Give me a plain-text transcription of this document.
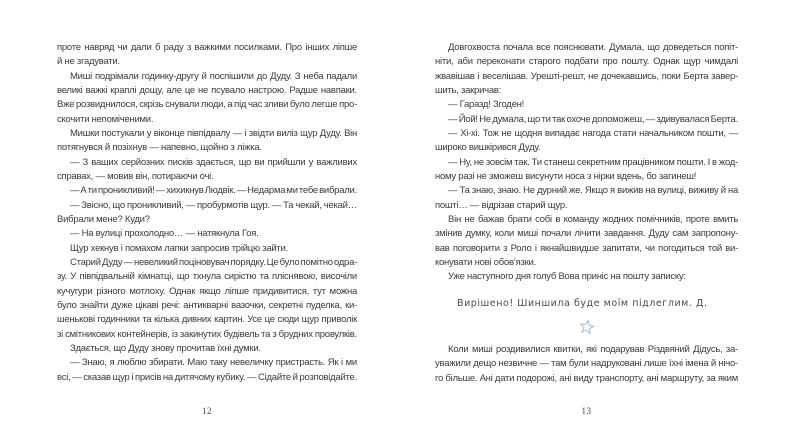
проте навряд чи дали б раду з важкими посилками. Про інших ліпше
й не згадувати.
Миші подрімали годинку-другу й поспішили до Дуду. З неба падали
великі важкі краплі дощу, але це не псувало настрою. Радше навпаки.
Вже розвиднилося, скрізь снували люди, а під час зливи було легше про-
скочити непоміченими.
Мишки постукали у віконце півпідвалу — і звідти виліз щур Дуду. Він
потягнувся й позіхнув — напевно, щойно з ліжка.
— З ваших серйозних писків здається, що ви прийшли у важливих
справах, — мовив він, потираючи очі.
— А ти проникливий! — хихикнув Людвік. — Недарма ми тебе вибрали.
— Звісно, що проникливий, — пробурмотів щур. — Та чекай, чекай…
Вибрали мене? Куди?
— На вулиці прохолодно… — натякнула Гоя.
Щур хекнув і помахом лапки запросив трійцю зайти.
Старий Дуду — невеликий поціновувач порядку. Це було помітно одра-
зу. У півпідвальній кімнатці, що тхнула сирістю та пліснявою, височіли
кучугури різного мотлоху. Однак якщо ліпше придивитися, тут можна
було знайти дуже цікаві речі: антикварні вазочки, секретні пуделка, ки-
шенькові годинники та кілька дивних картин. Усе це сюди щур приволік
зі смітникових контейнерів, із закинутих будівель та з брудних провулків.
Здається, що Дуду знову прочитав їхні думки.
— Знаю, я люблю збирати. Маю таку невеличку пристрасть. Як і ми
всі, — сказав щур і присів на дитячому кубику. — Сідайте й розповідайте.
Довгохвоста почала все пояснювати. Думала, що доведеться попіт-
ніти, аби переконати старого подбати про пошту. Однак щур чимдалі
жвавішав і веселішав. Урешті-решт, не дочекавшись, поки Берта завер-
шить, закричав:
— Гаразд! Згоден!
— Йой! Не думала, що ти так охоче допоможеш, — здивувалася Берта.
— Хі-хі. Тож не щодня випадає нагода стати начальником пошти, —
широко вишкірився Дуду.
— Ну, не зовсім так. Ти станеш секретним працівником пошти. І в жод-
ному разі не зможеш висунути носа з нірки вдень, бо загинеш!
— Та знаю, знаю. Не дурний же. Якщо я вижив на вулиці, виживу й на
пошті… — відрізав старий щур.
Він не бажав брати собі в команду жодних помічників, проте вмить
змінив думку, коли миші почали лічити завдання. Дуду сам запропону-
вав поговорити з Роло і якнайшвидше запитати, чи погодиться той ви-
конувати нові обов’язки.
Уже наступного дня голуб Вова приніс на пошту записку:
Вирішено! Шиншила буде моїм підлеглим. Д.
Коли миші роздивилися квитки, які подарував Різдвяний Дідусь, за-
уважили дещо незвичне — там були надруковані лише їхні імена й нічо-
го більше. Ані дати подорожі, ані виду транспорту, ані маршруту, за яким
12	13
